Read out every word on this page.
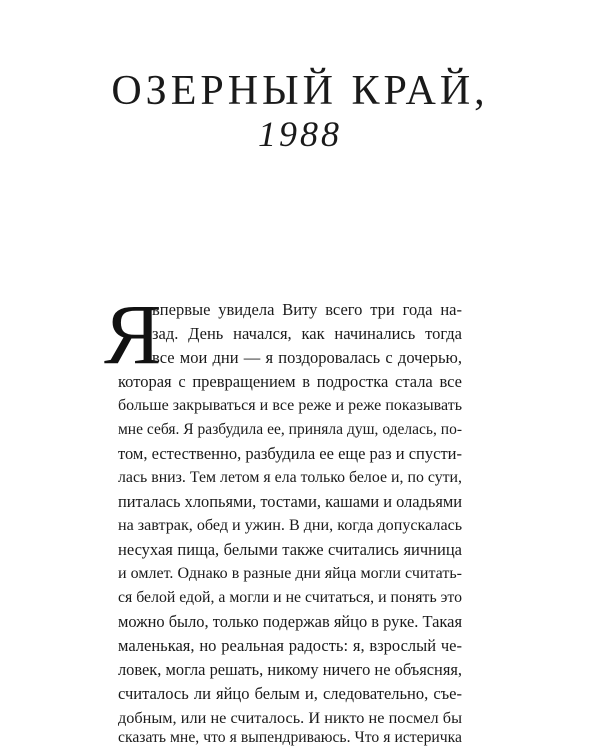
ОЗЕРНЫЙ КРАЙ,
1988
Я
впервые увидела Виту всего три года на-
зад. День начался, как начинались тогда
все мои дни — я поздоровалась с дочерью,
которая с превращением в подростка стала все
больше закрываться и все реже и реже показывать
мне себя. Я разбудила ее, приняла душ, оделась, по-
том, естественно, разбудила ее еще раз и спусти-
лась вниз. Тем летом я ела только белое и, по сути,
питалась хлопьями, тостами, кашами и оладьями
на завтрак, обед и ужин. В дни, когда допускалась
несухая пища, белыми также считались яичница
и омлет. Однако в разные дни яйца могли считать-
ся белой едой, а могли и не считаться, и понять это
можно было, только подержав яйцо в руке. Такая
маленькая, но реальная радость: я, взрослый че-
ловек, могла решать, никому ничего не объясняя,
считалось ли яйцо белым и, следовательно, съе-
добным, или не считалось. И никто не посмел бы
сказать мне, что я выпендриваюсь. Что я истеричка
